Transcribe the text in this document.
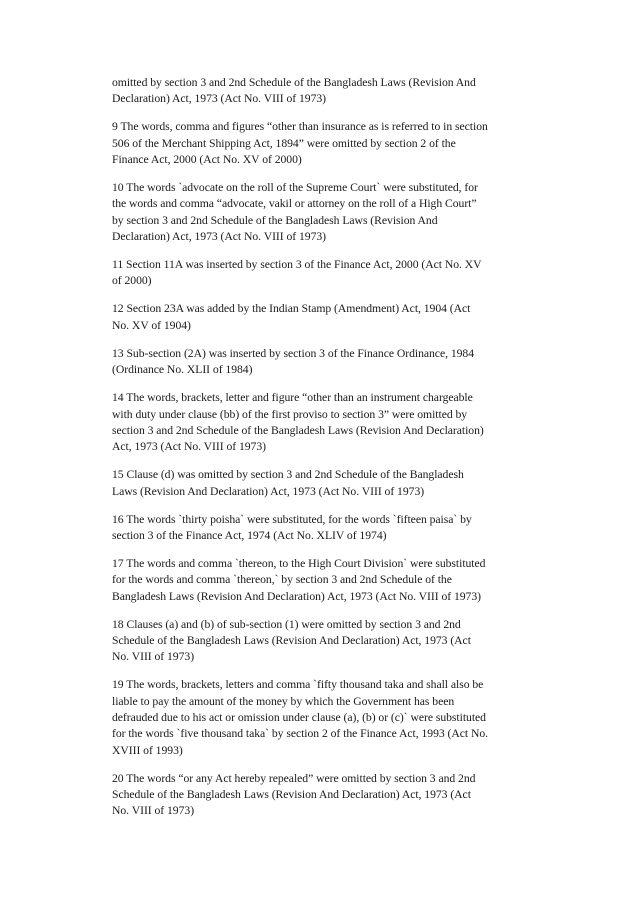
omitted by section 3 and 2nd Schedule of the Bangladesh Laws (Revision And
Declaration) Act, 1973 (Act No. VIII of 1973)

9 The words, comma and figures “other than insurance as is referred to in section
506 of the Merchant Shipping Act, 1894” were omitted by section 2 of the
Finance Act, 2000 (Act No. XV of 2000)

10 The words `advocate on the roll of the Supreme Court` were substituted, for
the words and comma “advocate, vakil or attorney on the roll of a High Court”
by section 3 and 2nd Schedule of the Bangladesh Laws (Revision And
Declaration) Act, 1973 (Act No. VIII of 1973)

11 Section 11A was inserted by section 3 of the Finance Act, 2000 (Act No. XV
of 2000)

12 Section 23A was added by the Indian Stamp (Amendment) Act, 1904 (Act
No. XV of 1904)

13 Sub-section (2A) was inserted by section 3 of the Finance Ordinance, 1984
(Ordinance No. XLII of 1984)

14 The words, brackets, letter and figure “other than an instrument chargeable
with duty under clause (bb) of the first proviso to section 3” were omitted by
section 3 and 2nd Schedule of the Bangladesh Laws (Revision And Declaration)
Act, 1973 (Act No. VIII of 1973)

15 Clause (d) was omitted by section 3 and 2nd Schedule of the Bangladesh
Laws (Revision And Declaration) Act, 1973 (Act No. VIII of 1973)

16 The words `thirty poisha` were substituted, for the words `fifteen paisa` by
section 3 of the Finance Act, 1974 (Act No. XLIV of 1974)

17 The words and comma `thereon, to the High Court Division` were substituted
for the words and comma `thereon,` by section 3 and 2nd Schedule of the
Bangladesh Laws (Revision And Declaration) Act, 1973 (Act No. VIII of 1973)

18 Clauses (a) and (b) of sub-section (1) were omitted by section 3 and 2nd
Schedule of the Bangladesh Laws (Revision And Declaration) Act, 1973 (Act
No. VIII of 1973)

19 The words, brackets, letters and comma `fifty thousand taka and shall also be
liable to pay the amount of the money by which the Government has been
defrauded due to his act or omission under clause (a), (b) or (c)` were substituted
for the words `five thousand taka` by section 2 of the Finance Act, 1993 (Act No.
XVIII of 1993)

20 The words “or any Act hereby repealed” were omitted by section 3 and 2nd
Schedule of the Bangladesh Laws (Revision And Declaration) Act, 1973 (Act
No. VIII of 1973)
